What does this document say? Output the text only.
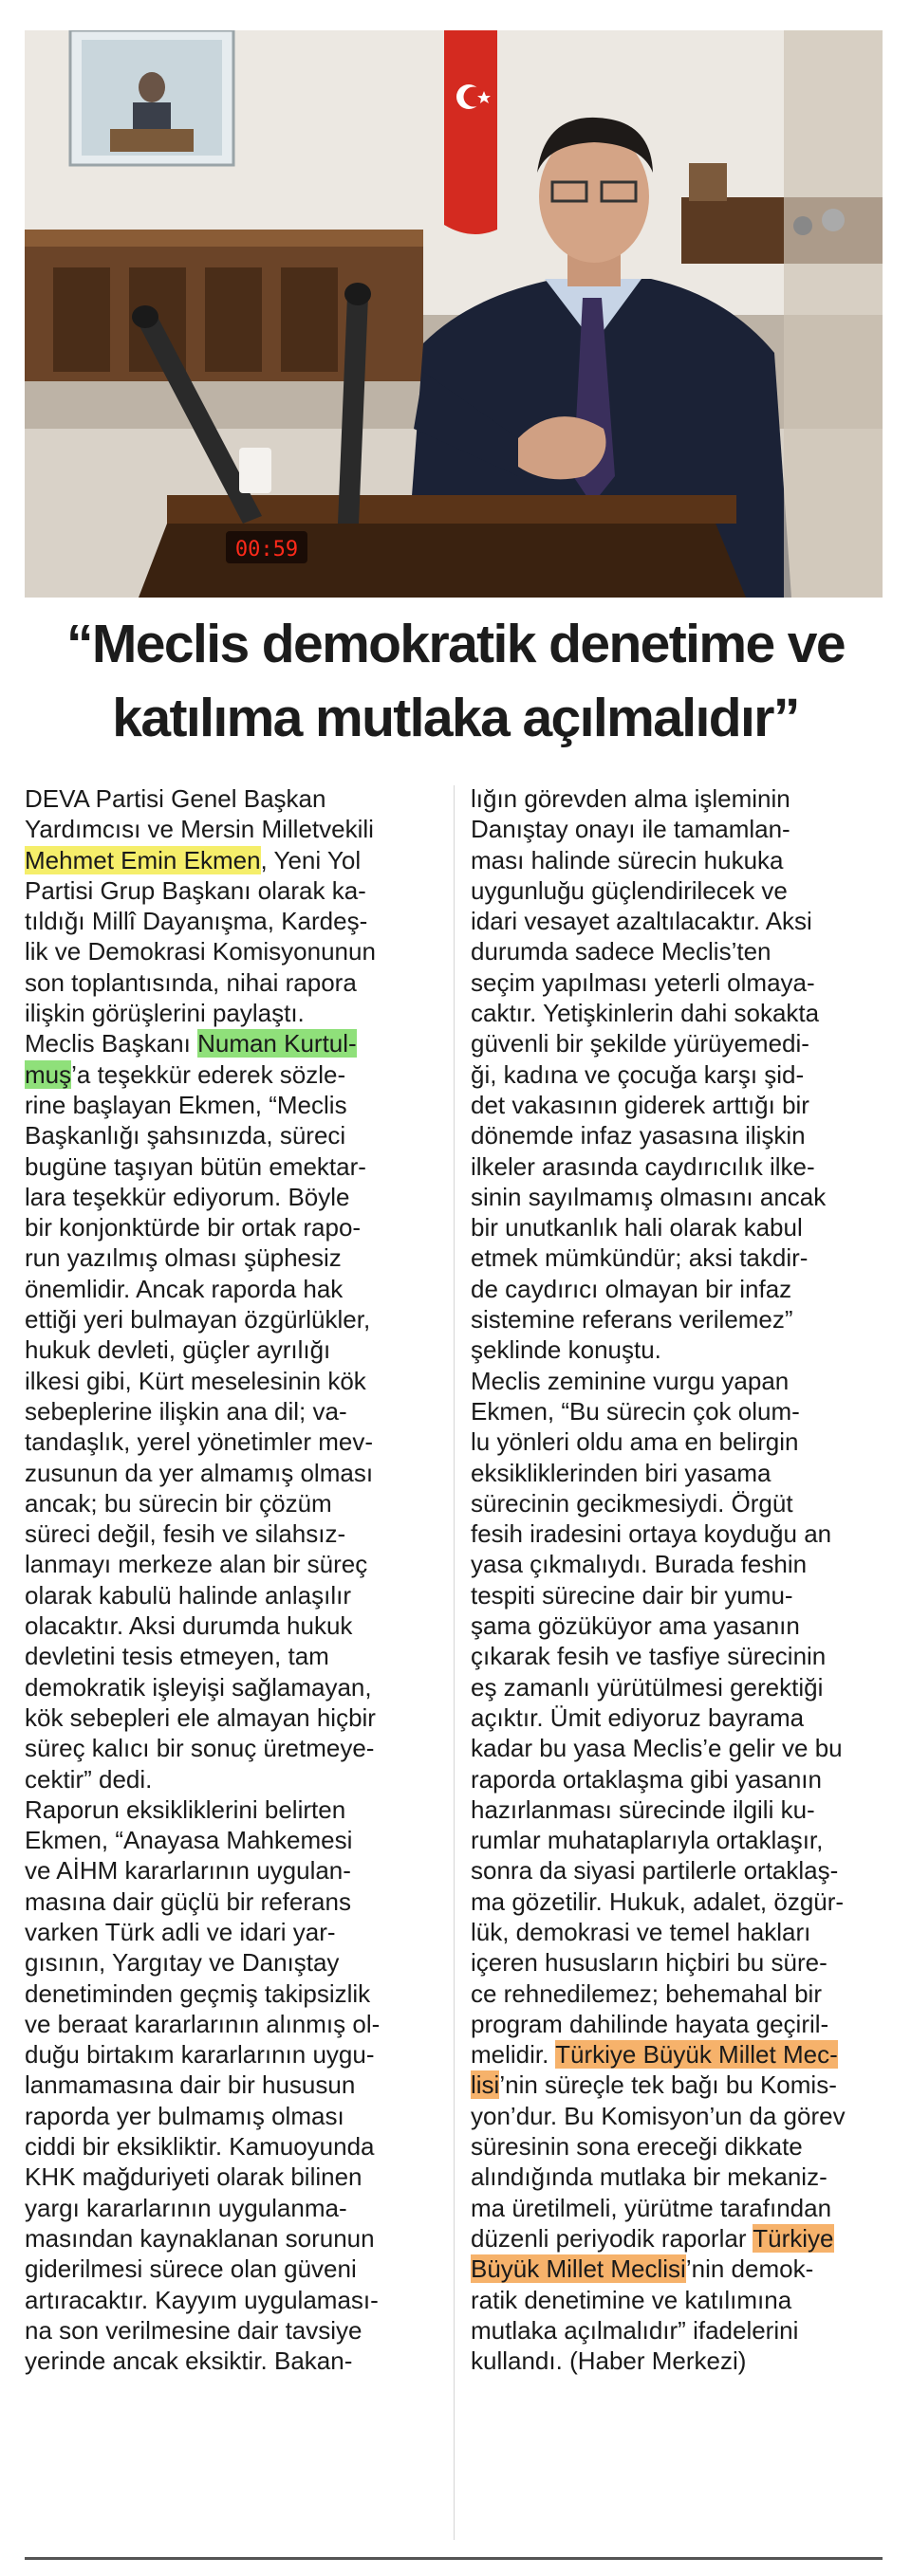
00:59
“Meclis demokratik denetime ve
katılıma mutlaka açılmalıdır”

DEVA Partisi Genel Başkan

Yardımcısı ve Mersin Milletvekili

Mehmet Emin Ekmen, Yeni Yol

Partisi Grup Başkanı olarak ka-

tıldığı Millî Dayanışma, Kardeş-

lik ve Demokrasi Komisyonunun

son toplantısında, nihai rapora

ilişkin görüşlerini paylaştı.

Meclis Başkanı Numan Kurtul-

muş’a teşekkür ederek sözle-

rine başlayan Ekmen, “Meclis

Başkanlığı şahsınızda, süreci

bugüne taşıyan bütün emektar-

lara teşekkür ediyorum. Böyle

bir konjonktürde bir ortak rapo-

run yazılmış olması şüphesiz

önemlidir. Ancak raporda hak

ettiği yeri bulmayan özgürlükler,

hukuk devleti, güçler ayrılığı

ilkesi gibi, Kürt meselesinin kök

sebeplerine ilişkin ana dil; va-

tandaşlık, yerel yönetimler mev-

zusunun da yer almamış olması

ancak; bu sürecin bir çözüm

süreci değil, fesih ve silahsız-

lanmayı merkeze alan bir süreç

olarak kabulü halinde anlaşılır

olacaktır. Aksi durumda hukuk

devletini tesis etmeyen, tam

demokratik işleyişi sağlamayan,

kök sebepleri ele almayan hiçbir

süreç kalıcı bir sonuç üretmeye-

cektir” dedi.

Raporun eksikliklerini belirten

Ekmen, “Anayasa Mahkemesi

ve AİHM kararlarının uygulan-

masına dair güçlü bir referans

varken Türk adli ve idari yar-

gısının, Yargıtay ve Danıştay

denetiminden geçmiş takipsizlik

ve beraat kararlarının alınmış ol-

duğu birtakım kararlarının uygu-

lanmamasına dair bir hususun

raporda yer bulmamış olması

ciddi bir eksikliktir. Kamuoyunda

KHK mağduriyeti olarak bilinen

yargı kararlarının uygulanma-

masından kaynaklanan sorunun

giderilmesi sürece olan güveni

artıracaktır. Kayyım uygulaması-

na son verilmesine dair tavsiye

yerinde ancak eksiktir. Bakan-

lığın görevden alma işleminin

Danıştay onayı ile tamamlan-

ması halinde sürecin hukuka

uygunluğu güçlendirilecek ve

idari vesayet azaltılacaktır. Aksi

durumda sadece Meclis’ten

seçim yapılması yeterli olmaya-

caktır. Yetişkinlerin dahi sokakta

güvenli bir şekilde yürüyemedi-

ği, kadına ve çocuğa karşı şid-

det vakasının giderek arttığı bir

dönemde infaz yasasına ilişkin

ilkeler arasında caydırıcılık ilke-

sinin sayılmamış olmasını ancak

bir unutkanlık hali olarak kabul

etmek mümkündür; aksi takdir-

de caydırıcı olmayan bir infaz

sistemine referans verilemez”

şeklinde konuştu.

Meclis zeminine vurgu yapan

Ekmen, “Bu sürecin çok olum-

lu yönleri oldu ama en belirgin

eksikliklerinden biri yasama

sürecinin gecikmesiydi. Örgüt

fesih iradesini ortaya koyduğu an

yasa çıkmalıydı. Burada feshin

tespiti sürecine dair bir yumu-

şama gözüküyor ama yasanın

çıkarak fesih ve tasfiye sürecinin

eş zamanlı yürütülmesi gerektiği

açıktır. Ümit ediyoruz bayrama

kadar bu yasa Meclis’e gelir ve bu

raporda ortaklaşma gibi yasanın

hazırlanması sürecinde ilgili ku-

rumlar muhataplarıyla ortaklaşır,

sonra da siyasi partilerle ortaklaş-

ma gözetilir. Hukuk, adalet, özgür-

lük, demokrasi ve temel hakları

içeren hususların hiçbiri bu süre-

ce rehnedilemez; behemahal bir

program dahilinde hayata geçiril-

melidir. Türkiye Büyük Millet Mec-

lisi’nin süreçle tek bağı bu Komis-

yon’dur. Bu Komisyon’un da görev

süresinin sona ereceği dikkate

alındığında mutlaka bir mekaniz-

ma üretilmeli, yürütme tarafından

düzenli periyodik raporlar Türkiye

Büyük Millet Meclisi’nin demok-

ratik denetimine ve katılımına

mutlaka açılmalıdır” ifadelerini

kullandı. (Haber Merkezi)
